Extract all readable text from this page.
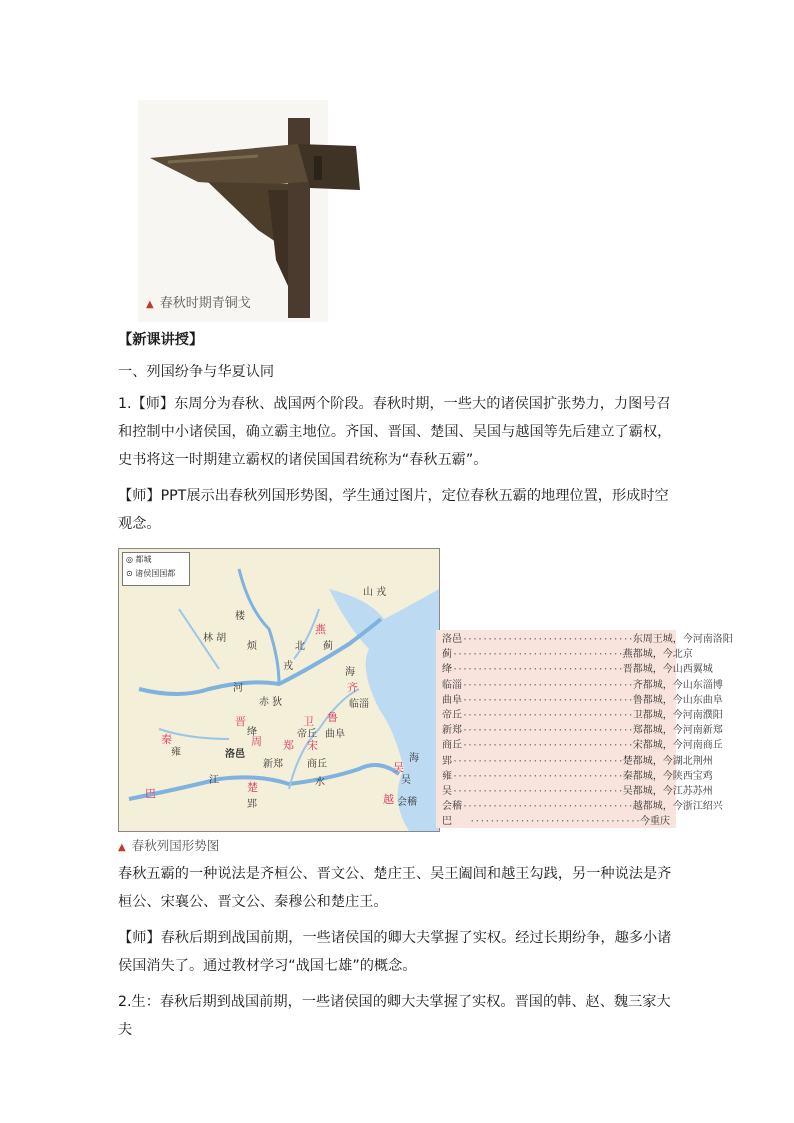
▲ 春秋时期青铜戈
【新课讲授】
一、列国纷争与华夏认同
1.【师】东周分为春秋、战国两个阶段。春秋时期，一些大的诸侯国扩张势力，力图号召和控制中小诸侯国，确立霸主地位。齐国、晋国、楚国、吴国与越国等先后建立了霸权，史书将这一时期建立霸权的诸侯国国君统称为“春秋五霸”。
【师】PPT展示出春秋列国形势图，学生通过图片，定位春秋五霸的地理位置，形成时空观念。
山 戎
楼
林 胡
烦	北
燕
蓟
戎
海
河
赤 狄
齐
临淄
晋
绛
卫
帝丘
鲁
曲阜
秦
雍
周
洛邑
郑
新郑
宋
商丘
水
海
楚
郢
江
巴
吴
吴
越 会稽
◎ 都城
⊙ 诸侯国国都
洛邑 ·································· 东周王城，今河南洛阳
蓟 ·································· 燕都城，今北京
绛 ·································· 晋都城，今山西翼城
临淄 ·································· 齐都城，今山东淄博
曲阜 ·································· 鲁都城，今山东曲阜
帝丘 ·································· 卫都城，今河南濮阳
新郑 ·································· 郑都城，今河南新郑
商丘 ·································· 宋都城，今河南商丘
郢 ·································· 楚都城，今湖北荆州
雍 ·································· 秦都城，今陕西宝鸡
吴 ·································· 吴都城，今江苏苏州
会稽 ·································· 越都城，今浙江绍兴
巴	·································· 今重庆
▲ 春秋列国形势图
春秋五霸的一种说法是齐桓公、晋文公、楚庄王、吴王阖闾和越王勾践，另一种说法是齐桓公、宋襄公、晋文公、秦穆公和楚庄王。
【师】春秋后期到战国前期，一些诸侯国的卿大夫掌握了实权。经过长期纷争，趣多小诸侯国消失了。通过教材学习“战国七雄”的概念。
2.生：春秋后期到战国前期，一些诸侯国的卿大夫掌握了实权。晋国的韩、赵、魏三家大夫
